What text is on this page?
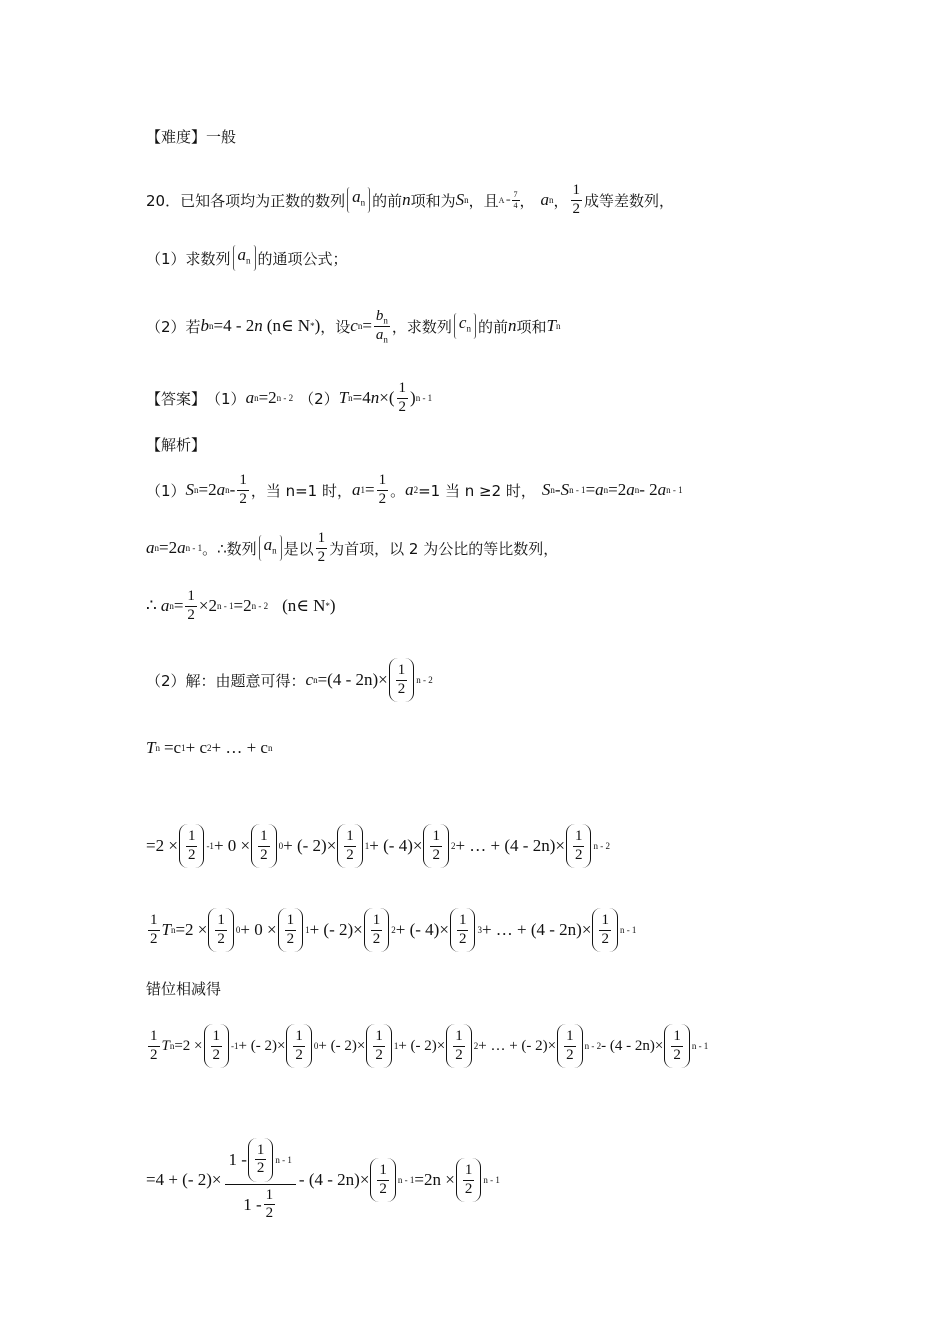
【难度】 一般
20． 已知各项均为正数的数列 $a_n$ 的前 n 项和为 S n ，且 $A = \frac{7}{4}$ ， a n ， $\frac{1}{2}$ 成等差数列，
（1）求数列 $a_n$ 的通项公式；
（2）若 b n =4 - 2 n (n∈ N * ) ，设 c $n = \frac{b_n}{a_n}$ ，求数列 $c_n$ 的前 n 项和 T n
【答案】 （1） a n =2 n - 2 （2） T n =4 n ×( $\frac{1}{2}$ ) n - 1
【解析】
（1） S n =2 a n - $\frac{1}{2}$ ，当 n=1 时， a $1 = \frac{1}{2}$ 。 a 2 =1 当 n ≥2 时， S n - S n - 1 = a n =2 a n - 2 a n - 1
a n =2 a n - 1 。∴数列 $a_n$ 是以 $\frac{1}{2}$ 为首项，以 2 为公比的等比数列，
∴ a $n = \frac{1}{2} \times 2$ n - 1 =2 n - 2 (n∈ N * )
（2）解：由题意可得： c $n =(4 - 2n)\times \frac{1}{2}$ n - 2
T n =c 1 + c 2 + … + c n
$=2 \times \frac{1}{2} -1 + 0 \times \frac{1}{2} 0$ + (- $2)\times \frac{1}{2} 1$ + (- $4)\times \frac{1}{2} 2$ + … + $(4 - 2n)\times \frac{1}{2}$ n - 2
$\frac{1}{2}$ T $n =2 \times \frac{1}{2} 0 + 0 \times \frac{1}{2} 1$ + (- $2)\times \frac{1}{2} 2$ + (- $4)\times \frac{1}{2} 3$ + … + $(4 - 2n)\times \frac{1}{2}$ n - 1
错位相减得
$\frac{1}{2}$ T $n =2 \times \frac{1}{2} -1$ + (- $2)\times \frac{1}{2} 0$ + (- $2)\times \frac{1}{2} 1$ + (- $2)\times \frac{1}{2} 2$ + … + (- $2)\times \frac{1}{2}$ $n - 2 - (4 - 2n)\times \frac{1}{2}$ n - 1
=4 + (- $2)\times \frac{1 - \frac{1}{2} n - 1}{1 - \frac{1}{2}} - (4 - 2n)\times \frac{1}{2}$ $n - 1 =2n \times \frac{1}{2}$ n - 1
